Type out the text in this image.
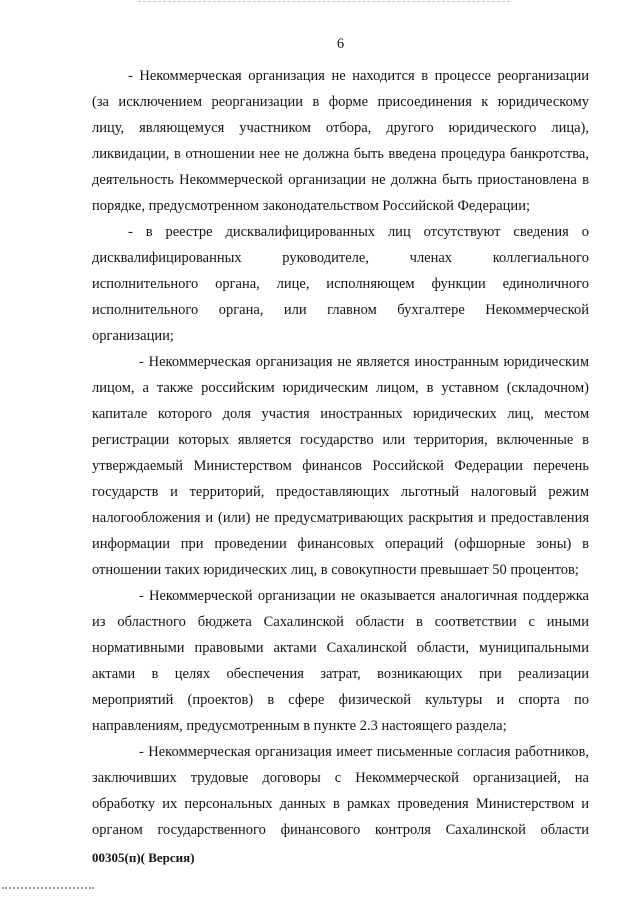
6
- Некоммерческая организация не находится в процессе реорганизации
(за исключением реорганизации в форме присоединения к юридическому
лицу, являющемуся участником отбора, другого юридического лица),
ликвидации, в отношении нее не должна быть введена процедура банкротства,
деятельность Некоммерческой организации не должна быть приостановлена в
порядке, предусмотренном законодательством Российской Федерации;
- в реестре дисквалифицированных лиц отсутствуют сведения о
дисквалифицированных руководителе, членах коллегиального
исполнительного органа, лице, исполняющем функции единоличного
исполнительного органа, или главном бухгалтере Некоммерческой
организации;
- Некоммерческая организация не является иностранным юридическим
лицом, а также российским юридическим лицом, в уставном (складочном)
капитале которого доля участия иностранных юридических лиц, местом
регистрации которых является государство или территория, включенные в
утверждаемый Министерством финансов Российской Федерации перечень
государств и территорий, предоставляющих льготный налоговый режим
налогообложения и (или) не предусматривающих раскрытия и предоставления
информации при проведении финансовых операций (офшорные зоны) в
отношении таких юридических лиц, в совокупности превышает 50 процентов;
- Некоммерческой организации не оказывается аналогичная поддержка
из областного бюджета Сахалинской области в соответствии с иными
нормативными правовыми актами Сахалинской области, муниципальными
актами в целях обеспечения затрат, возникающих при реализации
мероприятий (проектов) в сфере физической культуры и спорта по
направлениям, предусмотренным в пункте 2.3 настоящего раздела;
- Некоммерческая организация имеет письменные согласия работников,
заключивших трудовые договоры с Некоммерческой организацией, на
обработку их персональных данных в рамках проведения Министерством и
органом государственного финансового контроля Сахалинской области
00305(п)( Версия)
